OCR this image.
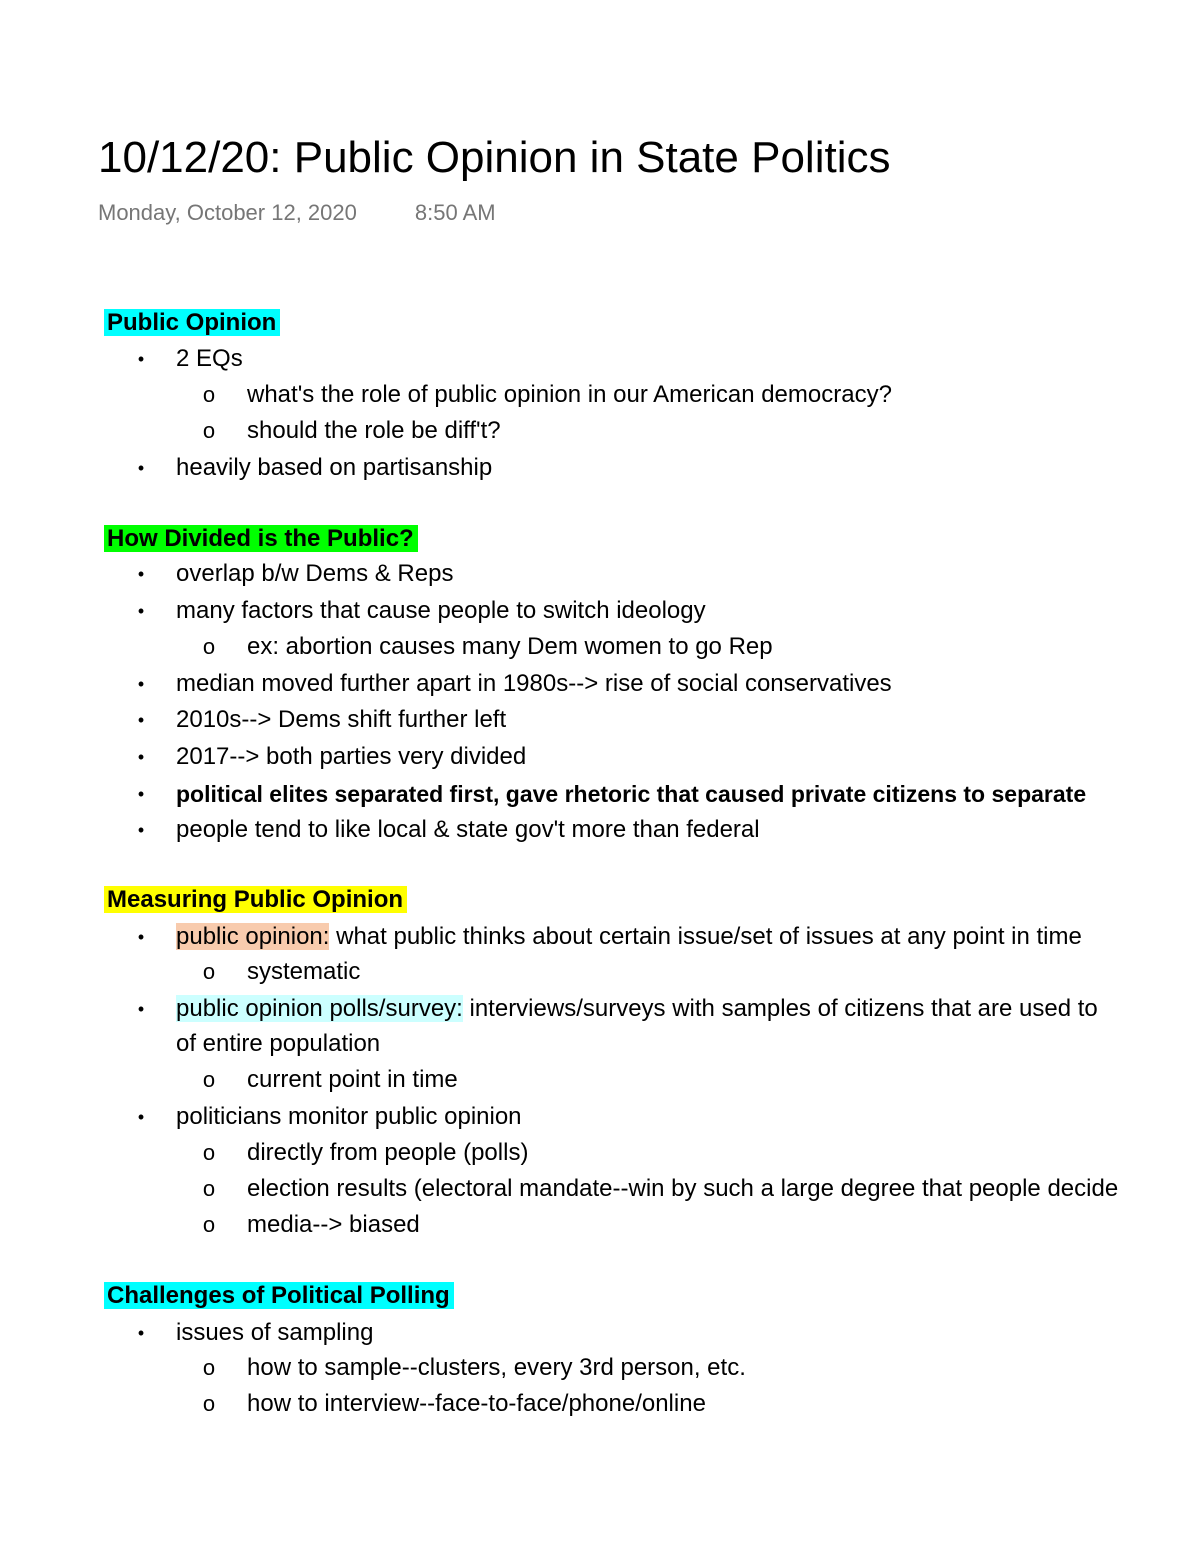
10/12/20: Public Opinion in State Politics
Monday, October 12, 2020	8:50 AM
Public Opinion
• 2 EQs
o what's the role of public opinion in our American democracy?
o should the role be diff't?
• heavily based on partisanship
How Divided is the Public?
• overlap b/w Dems & Reps
• many factors that cause people to switch ideology
o ex: abortion causes many Dem women to go Rep
• median moved further apart in 1980s--> rise of social conservatives
• 2010s--> Dems shift further left
• 2017--> both parties very divided
• political elites separated first, gave rhetoric that caused private citizens to separate
• people tend to like local & state gov't more than federal
Measuring Public Opinion
• public opinion: what public thinks about certain issue/set of issues at any point in time
o systematic
• public opinion polls/survey: interviews/surveys with samples of citizens that are used to
of entire population
o current point in time
• politicians monitor public opinion
o directly from people (polls)
o election results (electoral mandate--win by such a large degree that people decide
o media--> biased
Challenges of Political Polling
• issues of sampling
o how to sample--clusters, every 3rd person, etc.
o how to interview--face-to-face/phone/online
